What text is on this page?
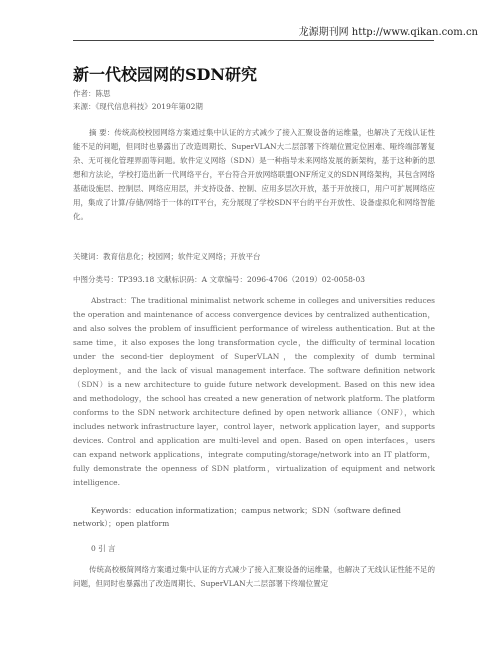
龙源期刊网 http://www.qikan.com.cn
新一代校园网的SDN研究
作者：陈思
来源：《现代信息科技》2019年第02期
摘 要：传统高校校园网络方案通过集中认证的方式减少了接入汇聚设备的运维量，也解决了无线认证性能不足的问题，但同时也暴露出了改造周期长、SuperVLAN大二层部署下终端位置定位困难、哑终端部署复杂、无可视化管理界面等问题。软件定义网络（SDN）是一种指导未来网络发展的新架构，基于这种新的思想和方法论，学校打造出新一代网络平台，平台符合开放网络联盟ONF所定义的SDN网络架构，其包含网络基础设施层、控制层、网络应用层，并支持设备、控制、应用多层次开放，基于开放接口，用户可扩展网络应用，集成了计算/存储/网络于一体的IT平台，充分展现了学校SDN平台的平台开放性、设备虚拟化和网络智能化。
关键词：教育信息化；校园网；软件定义网络；开放平台
中图分类号：TP393.18 文献标识码：A 文章编号：2096-4706（2019）02-0058-03
Abstract：The traditional minimalist network scheme in colleges and universities reduces the operation and maintenance of access convergence devices by centralized authentication，and also solves the problem of insufficient performance of wireless authentication. But at the same time，it also exposes the long transformation cycle，the difficulty of terminal location under the second-tier deployment of SuperVLAN，the complexity of dumb terminal deployment，and the lack of visual management interface. The software definition network（SDN）is a new architecture to guide future network development. Based on this new idea and methodology，the school has created a new generation of network platform. The platform conforms to the SDN network architecture defined by open network alliance（ONF），which includes network infrastructure layer，control layer，network application layer，and supports devices. Control and application are multi-level and open. Based on open interfaces，users can expand network applications，integrate computing/storage/network into an IT platform，fully demonstrate the openness of SDN platform，virtualization of equipment and network intelligence.
Keywords：education informatization；campus network；SDN（software defined
network）；open platform
0 引 言
传统高校极简网络方案通过集中认证的方式减少了接入汇聚设备的运维量，也解决了无线认证性能不足的问题，但同时也暴露出了改造周期长、SuperVLAN大二层部署下终端位置定
